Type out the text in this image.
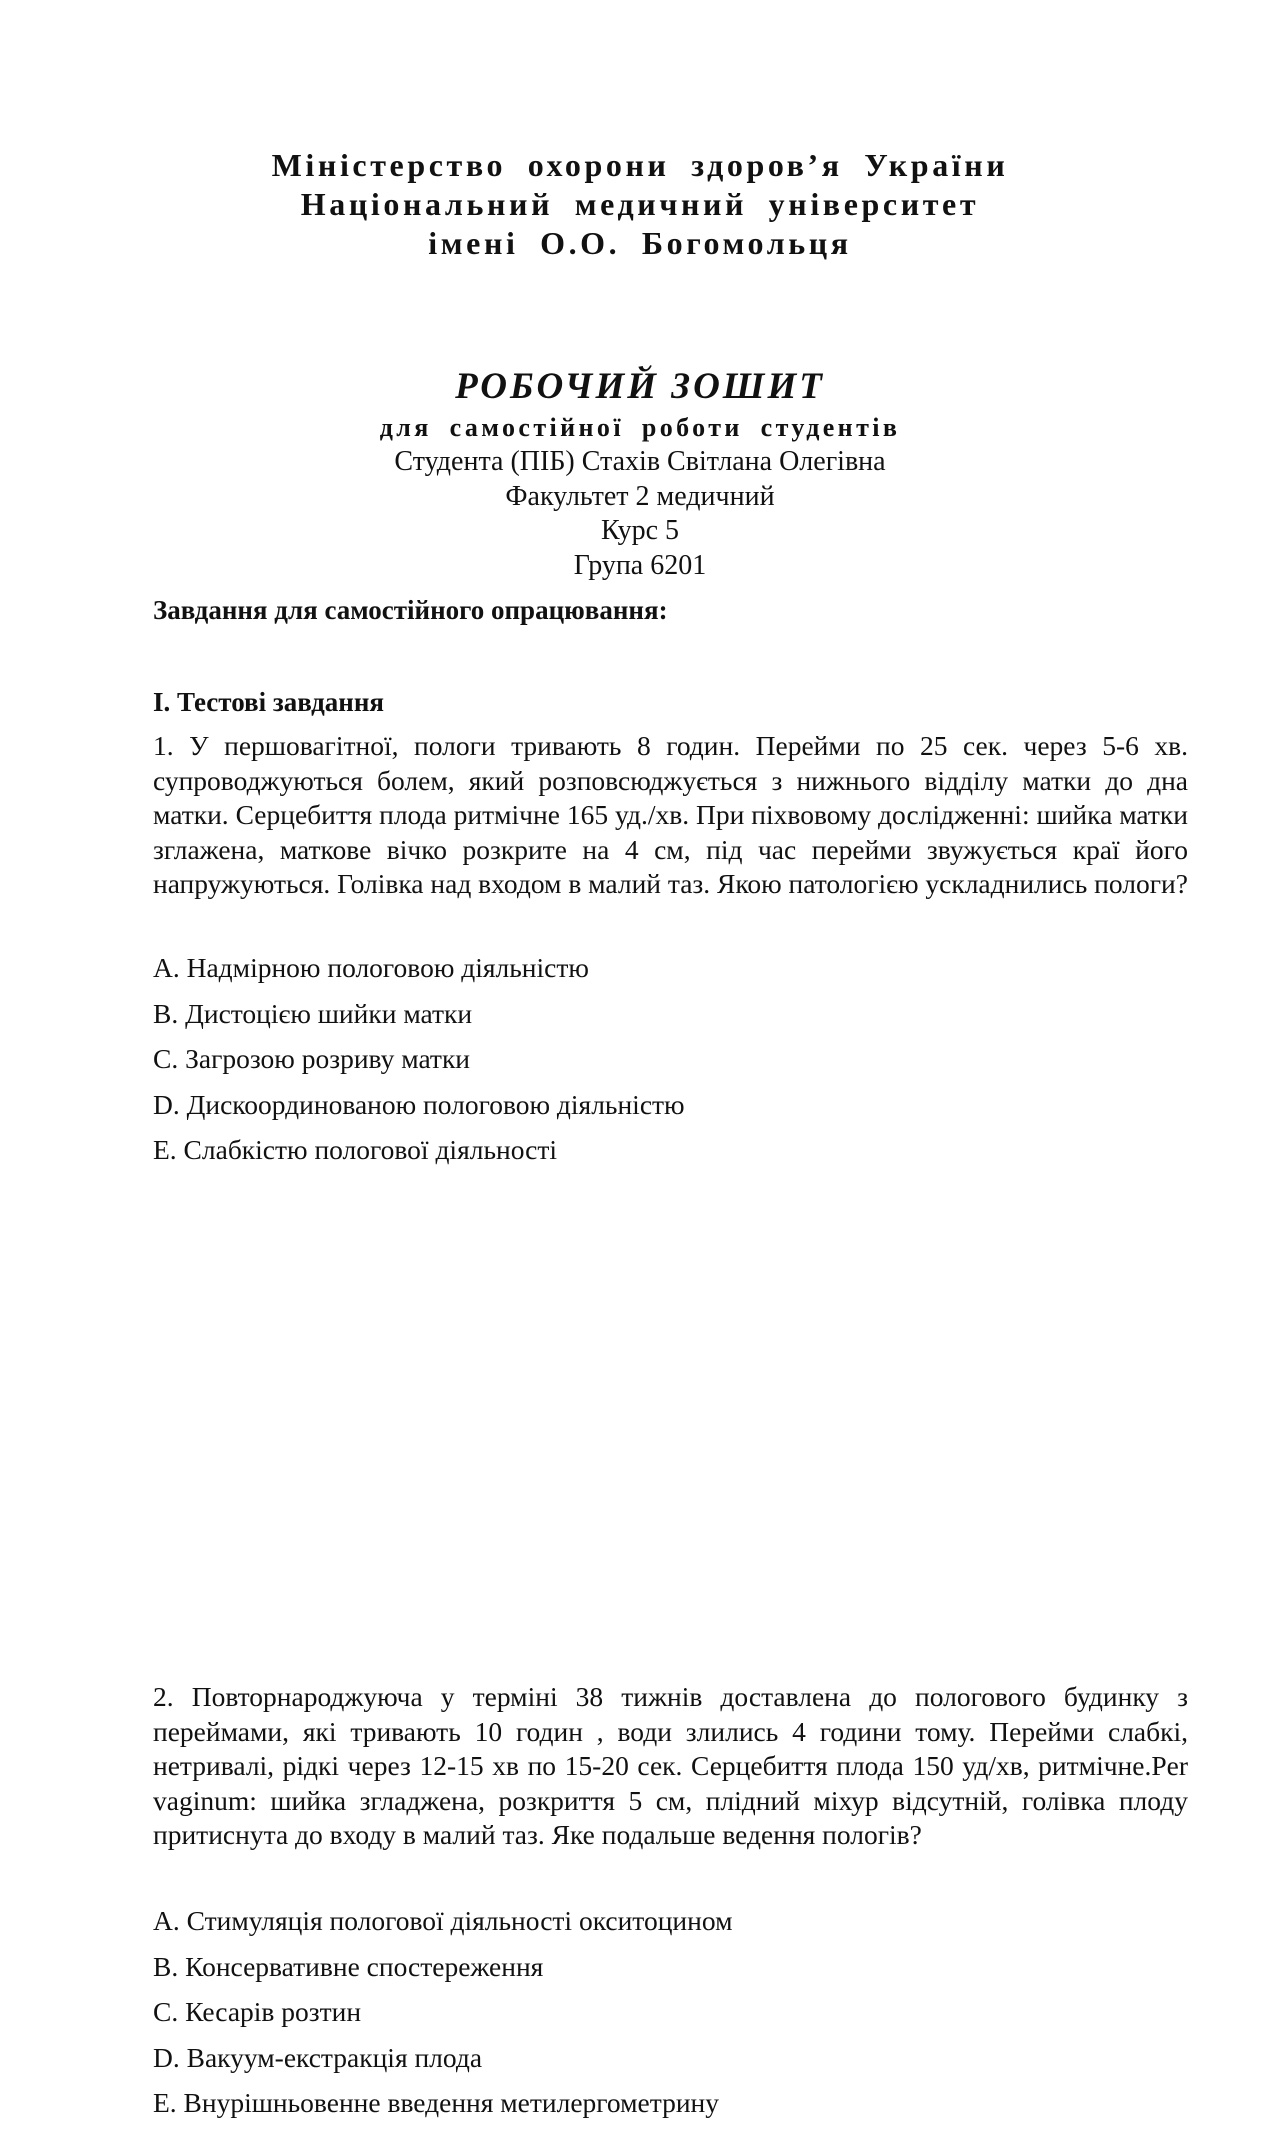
Міністерство охорони здоров’я України
Національний медичний університет
імені О.О. Богомольця
РОБОЧИЙ ЗОШИТ
для самостійної роботи студентів
Студента (ПІБ) Стахів Світлана Олегівна
Факультет 2 медичний
Курс 5
Група 6201
Завдання для самостійного опрацювання:
І. Тестові завдання
1. У першовагітної, пологи тривають 8 годин. Перейми по 25 сек. через 5-6 хв. супроводжуються болем, який розповсюджується з нижнього відділу матки до дна матки. Серцебиття плода ритмічне 165 уд./хв. При піхвовому дослідженні: шийка матки зглажена, маткове вічко розкрите на 4 см, під час перейми звужується краї його напружуються. Голівка над входом в малий таз. Якою патологією ускладнились пологи?
A. Надмірною пологовою діяльністю
B. Дистоцією шийки матки
C. Загрозою розриву матки
D. Дискоординованою пологовою діяльністю
E. Слабкістю пологової діяльності
2. Повторнароджуюча у терміні 38 тижнів доставлена до пологового будинку з переймами, які тривають 10 годин , води злились 4 години тому. Перейми слабкі, нетривалі, рідкі через 12-15 хв по 15-20 сек. Серцебиття плода 150 уд/хв, ритмічне.Per vaginum: шийка згладжена, розкриття 5 см, плідний міхур відсутній, голівка плоду притиснута до входу в малий таз. Яке подальше ведення пологів?
A. Стимуляція пологової діяльності окситоцином
B. Консервативне спостереження
C. Кесарів розтин
D. Вакуум-екстракція плода
E. Внурішньовенне введення метилергометрину
